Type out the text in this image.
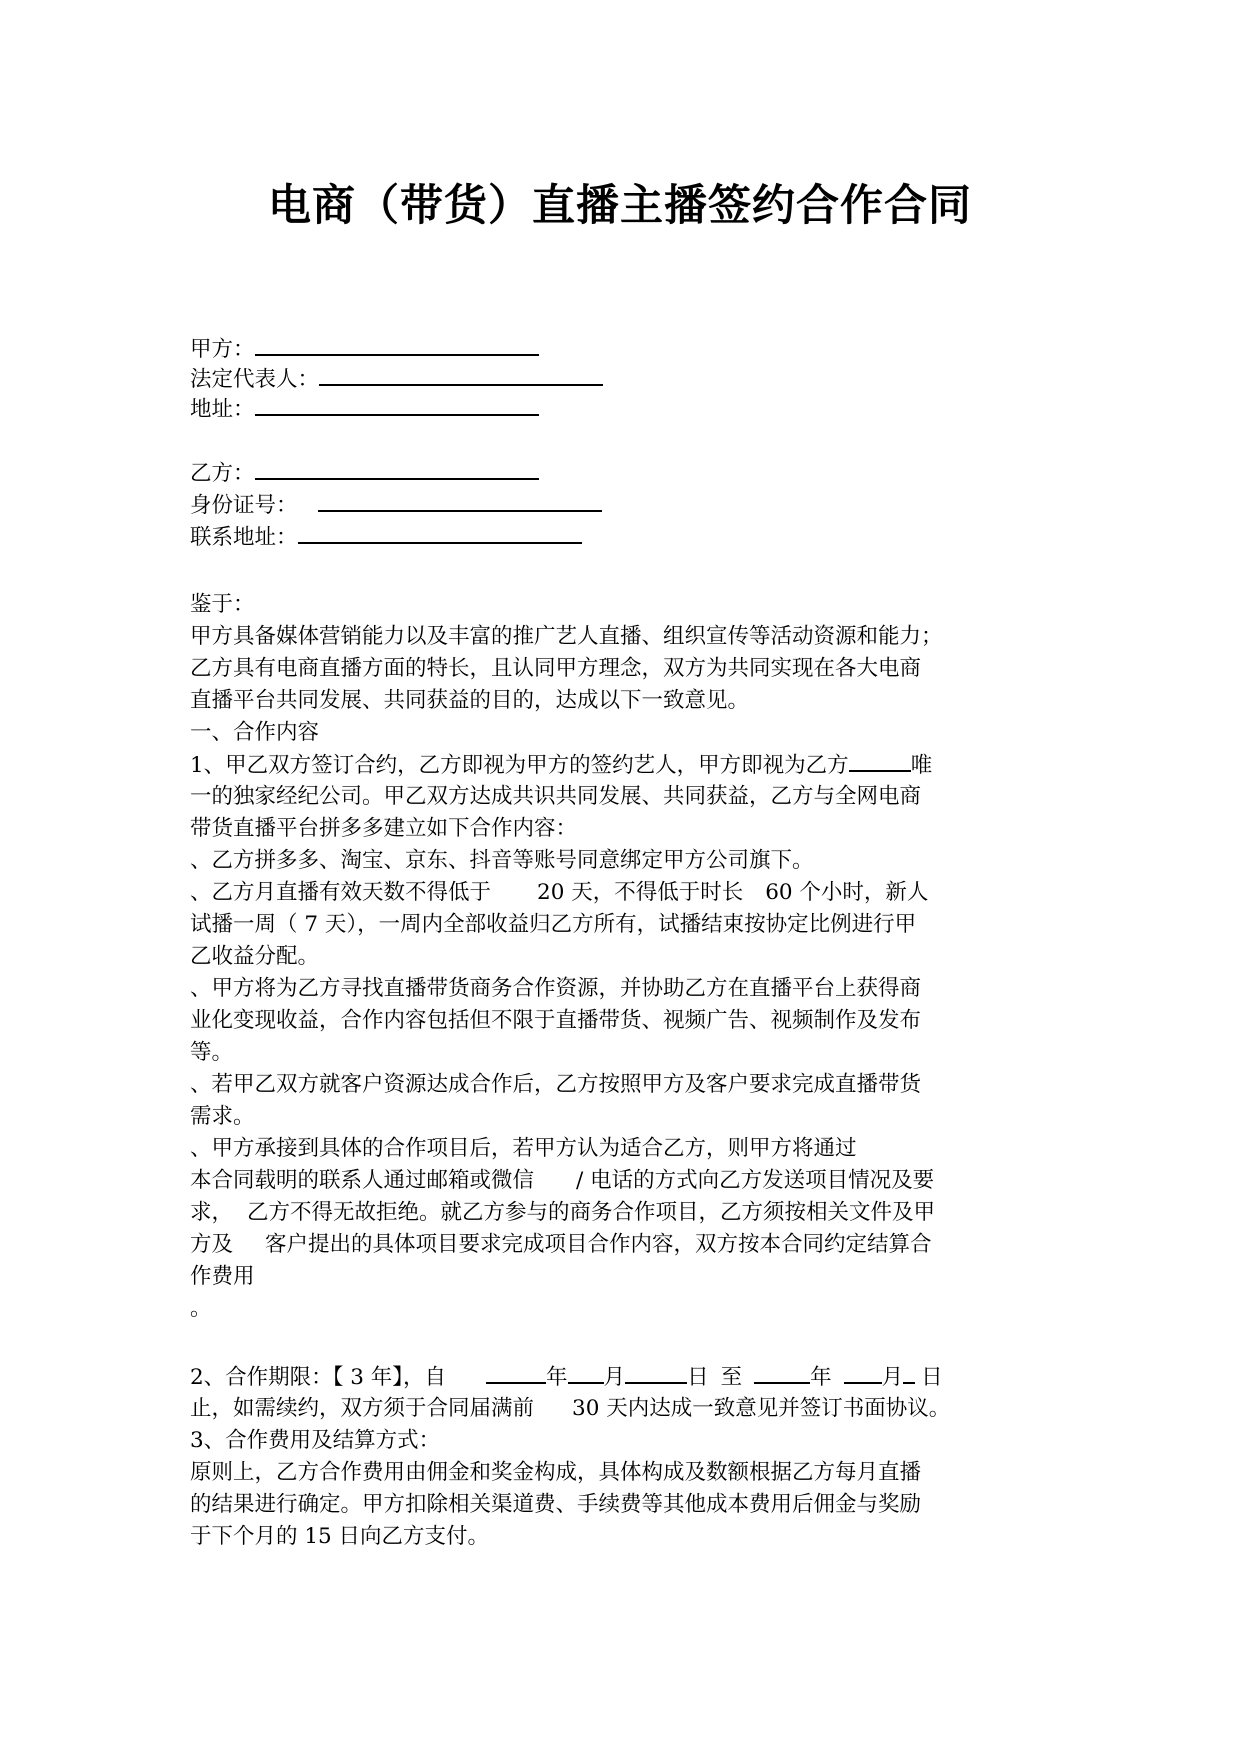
电商（带货）直播主播签约合作合同
甲方：
法定代表人：
地址：
乙方：
身份证号：
联系地址：
鉴于：
甲方具备媒体营销能力以及丰富的推广艺人直播、组织宣传等活动资源和能力；
乙方具有电商直播方面的特长，且认同甲方理念，双方为共同实现在各大电商
直播平台共同发展、共同获益的目的，达成以下一致意见。
一、合作内容
1、甲乙双方签订合约，乙方即视为甲方的签约艺人，甲方即视为乙方	唯
一的独家经纪公司。甲乙双方达成共识共同发展、共同获益，乙方与全网电商
带货直播平台拼多多建立如下合作内容：
、乙方拼多多、淘宝、京东、抖音等账号同意绑定甲方公司旗下。
、乙方月直播有效天数不得低于 20 天，不得低于时长 60 个小时，新人
试播一周（ 7 天），一周内全部收益归乙方所有，试播结束按协定比例进行甲
乙收益分配。
、甲方将为乙方寻找直播带货商务合作资源，并协助乙方在直播平台上获得商
业化变现收益，合作内容包括但不限于直播带货、视频广告、视频制作及发布
等。
、若甲乙双方就客户资源达成合作后，乙方按照甲方及客户要求完成直播带货
需求。
、甲方承接到具体的合作项目后，若甲方认为适合乙方，则甲方将通过
本合同载明的联系人通过邮箱或微信 / 电话的方式向乙方发送项目情况及要
求， 乙方不得无故拒绝。就乙方参与的商务合作项目，乙方须按相关文件及甲
方及 客户提出的具体项目要求完成项目合作内容，双方按本合同约定结算合
作费用
。
2、合作期限：【 3 年】，自	年 月	日 至	年 月 日
止，如需续约，双方须于合同届满前 30 天内达成一致意见并签订书面协议。
3、合作费用及结算方式：
原则上，乙方合作费用由佣金和奖金构成，具体构成及数额根据乙方每月直播
的结果进行确定。甲方扣除相关渠道费、手续费等其他成本费用后佣金与奖励
于下个月的 15 日向乙方支付。
